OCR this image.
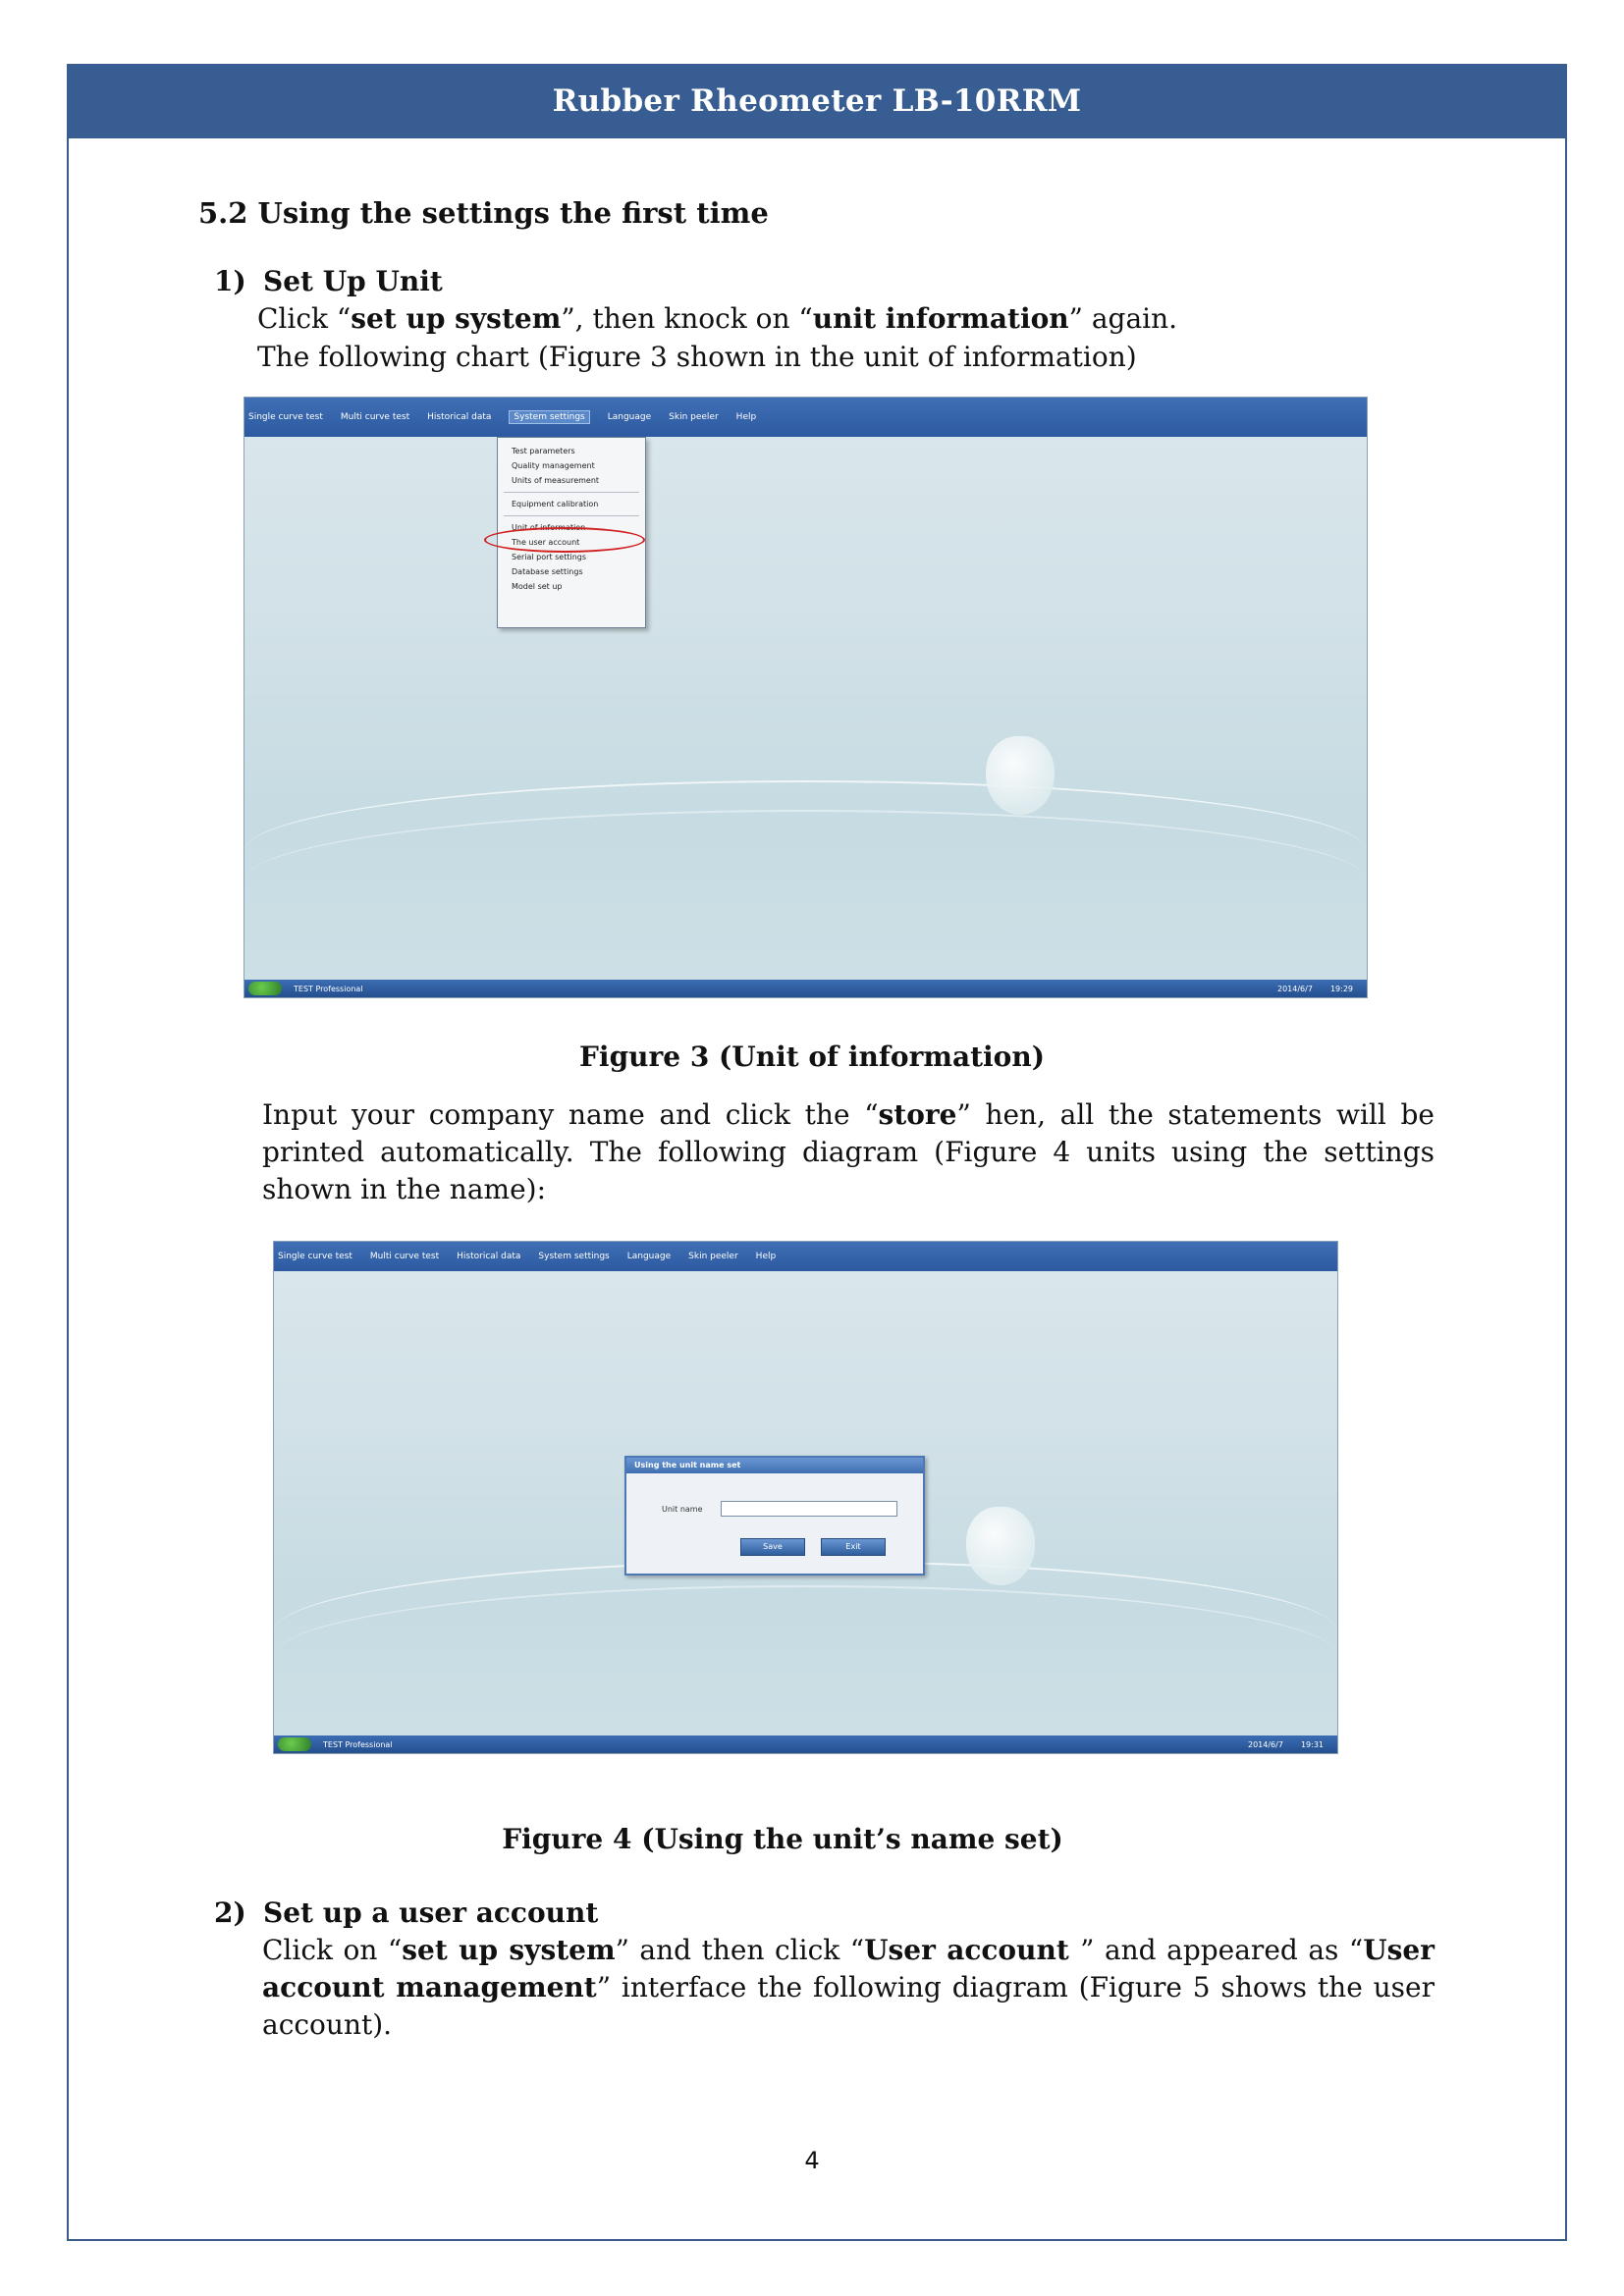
Rubber Rheometer LB-10RRM
5.2 Using the settings the first time
1) Set Up Unit
Click “set up system”, then knock on “unit information” again.
The following chart (Figure 3 shown in the unit of information)
Single curve test Multi curve test Historical data	System settings	Language Skin peeler Help
Test parameters
Quality management
Units of measurement
Equipment calibration
Unit of information
The user account
Serial port settings
Database settings
Model set up
TEST Professional	2014/6/7 19:29
Figure 3 (Unit of information)
Input your company name and click the “store” hen, all the statements will be printed automatically. The following diagram (Figure 4 units using the settings shown in the name):
Single curve test Multi curve test Historical data System settings Language Skin peeler Help
Using the unit name set
Unit name
Save	Exit
TEST Professional	2014/6/7 19:31
Figure 4 (Using the unit’s name set)
2) Set up a user account
Click on “set up system” and then click “User account ” and appeared as “User account management” interface the following diagram (Figure 5 shows the user account).
4
